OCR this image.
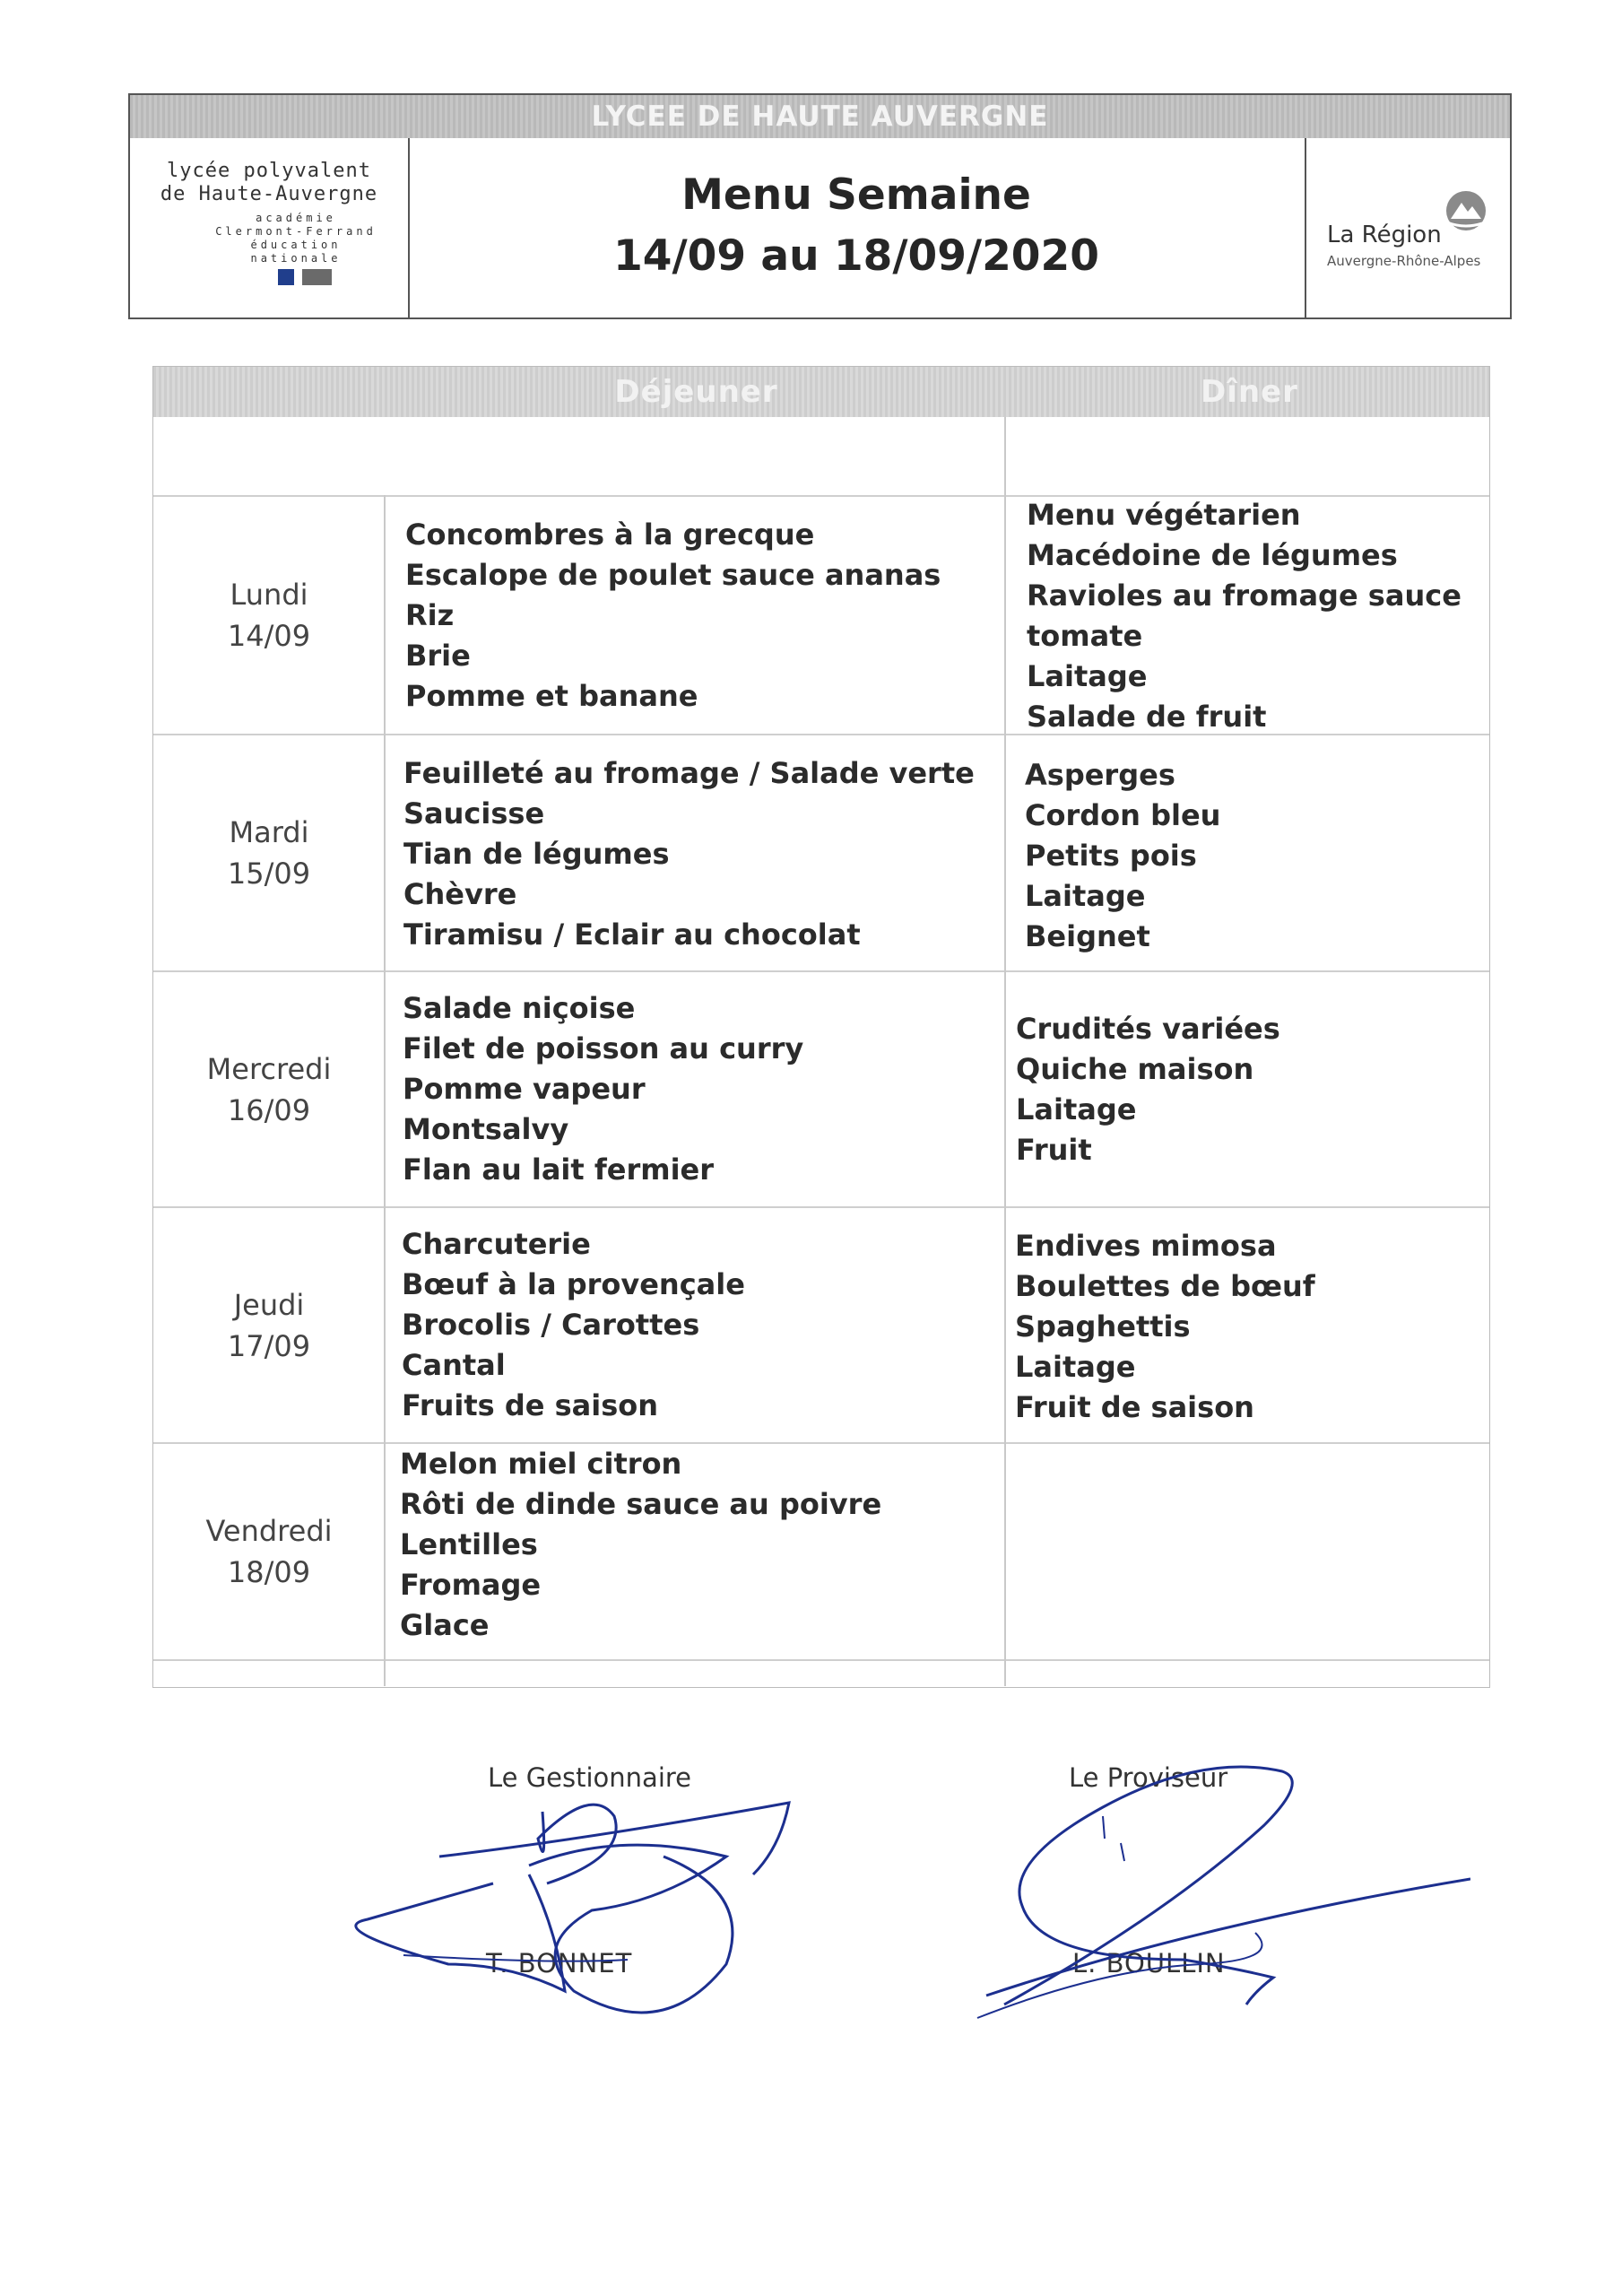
LYCEE DE HAUTE AUVERGNE
lycée polyvalent
de Haute-Auvergne
académie
Clermont-Ferrand
éducation
nationale
Menu Semaine
14/09 au 18/09/2020	La Région
Auvergne-Rhône-Alpes
Déjeuner	Dîner
Lundi
14/09
Concombres à la grecque
Escalope de poulet sauce ananas
Riz
Brie
Pomme et banane
Menu végétarien
Macédoine de légumes
Ravioles au fromage sauce
tomate
Laitage
Salade de fruit
Mardi
15/09
Feuilleté au fromage / Salade verte
Saucisse
Tian de légumes
Chèvre
Tiramisu / Eclair au chocolat
Asperges
Cordon bleu
Petits pois
Laitage
Beignet
Mercredi
16/09
Salade niçoise
Filet de poisson au curry
Pomme vapeur
Montsalvy
Flan au lait fermier
Crudités variées
Quiche maison
Laitage
Fruit
Jeudi
17/09
Charcuterie
Bœuf à la provençale
Brocolis / Carottes
Cantal
Fruits de saison
Endives mimosa
Boulettes de bœuf
Spaghettis
Laitage
Fruit de saison
Vendredi
18/09
Melon miel citron
Rôti de dinde sauce au poivre
Lentilles
Fromage
Glace
Le Gestionnaire
T. BONNET
Le Proviseur
L. BOULLIN
